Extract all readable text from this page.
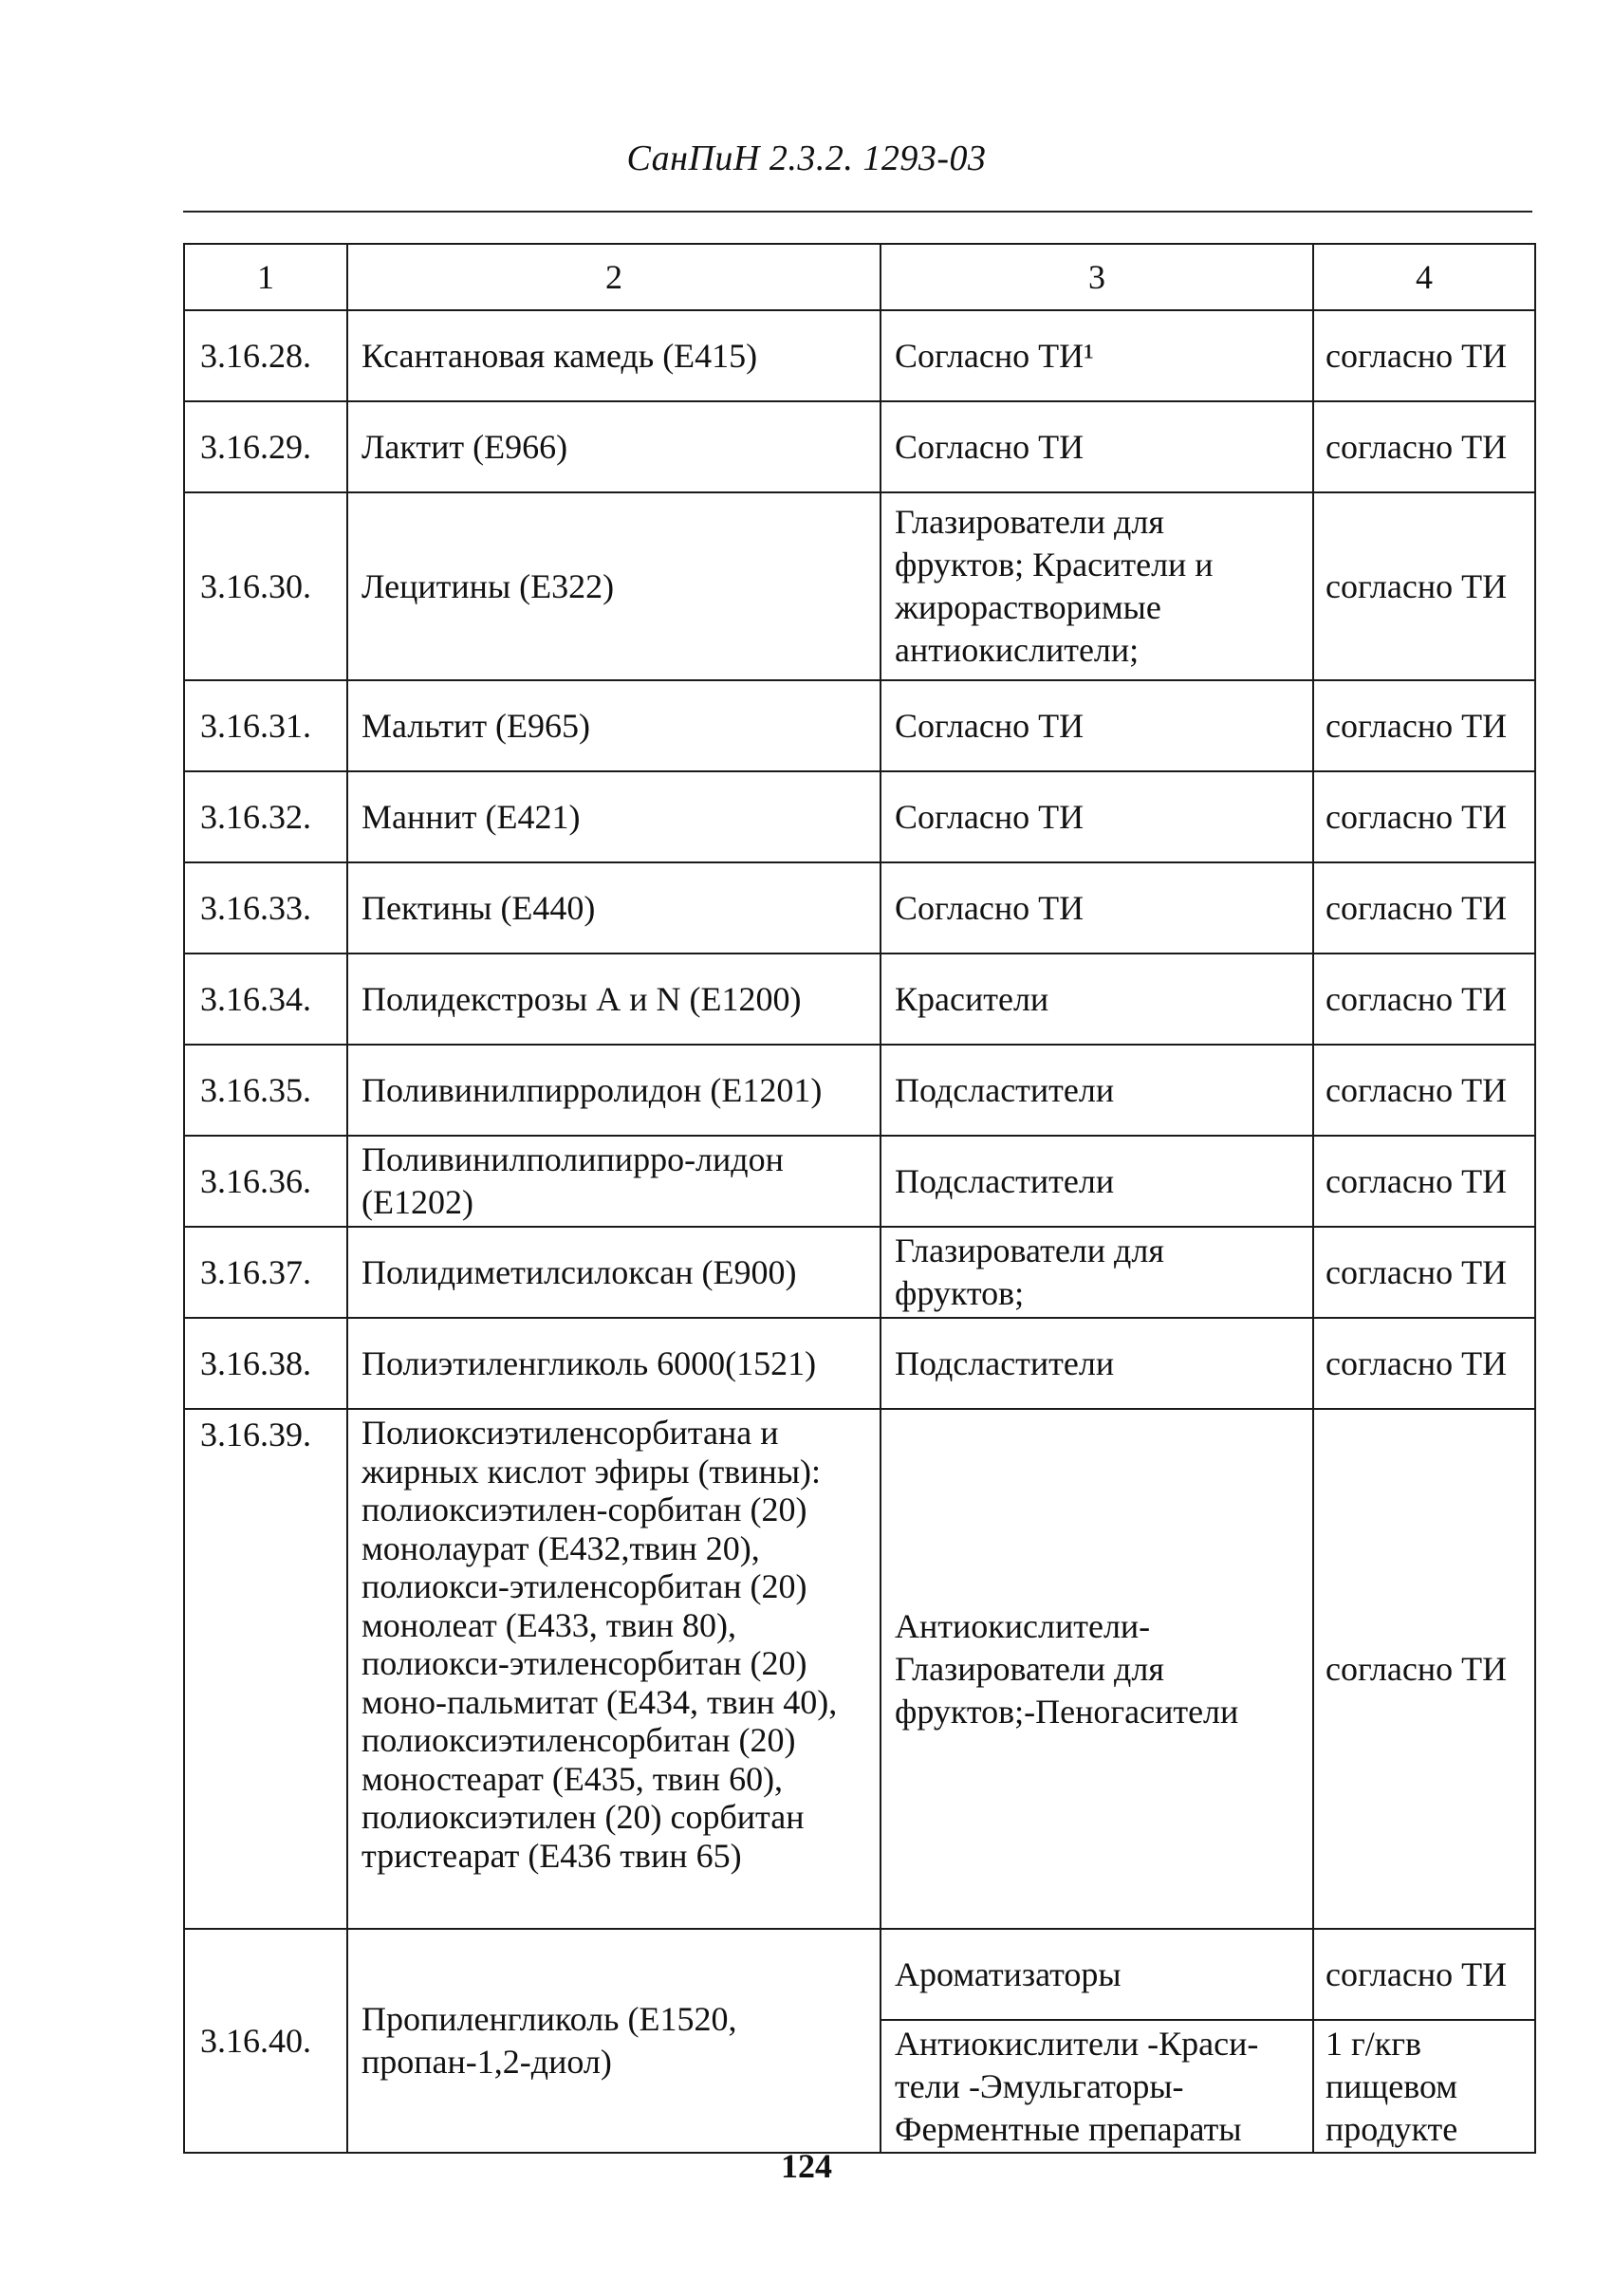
СанПиН 2.3.2. 1293-03
1	2	3	4
3.16.28.	Ксантановая камедь (Е415)	Согласно ТИ¹	согласно ТИ
3.16.29.	Лактит (Е966)	Согласно ТИ	согласно ТИ
3.16.30.	Лецитины (Е322)	Глазирователи для фруктов; Красители и жирорастворимые антиокислители;	согласно ТИ
3.16.31.	Мальтит (Е965)	Согласно ТИ	согласно ТИ
3.16.32.	Маннит (Е421)	Согласно ТИ	согласно ТИ
3.16.33.	Пектины (Е440)	Согласно ТИ	согласно ТИ
3.16.34.	Полидекстрозы А и N (Е1200)	Красители	согласно ТИ
3.16.35.	Поливинилпирролидон (Е1201)	Подсластители	согласно ТИ
3.16.36.	Поливинилполипирро-лидон (Е1202)	Подсластители	согласно ТИ
3.16.37.	Полидиметилсилоксан (Е900)	Глазирователи для фруктов;	согласно ТИ
3.16.38.	Полиэтиленгликоль 6000(1521)	Подсластители	согласно ТИ
3.16.39.	Полиоксиэтиленсорбитана и жирных кислот эфиры (твины): полиоксиэтилен-сорбитан (20) монолаурат (Е432,твин 20), полиокси-этиленсорбитан (20) монолеат (Е433, твин 80), полиокси-этиленсорбитан (20) моно-пальмитат (Е434, твин 40), полиоксиэтиленсорбитан (20) моностеарат (Е435, твин 60), полиоксиэтилен (20) сорбитан тристеарат (Е436 твин 65)	Антиокислители-Глазирователи для фруктов;-Пеногасители	согласно ТИ
3.16.40.	Пропиленгликоль (Е1520, пропан-1,2-диол)	Ароматизаторы	согласно ТИ
		Антиокислители -Краси-тели -Эмульгаторы-Ферментные препараты	1 г/кгв пищевом продукте
124
